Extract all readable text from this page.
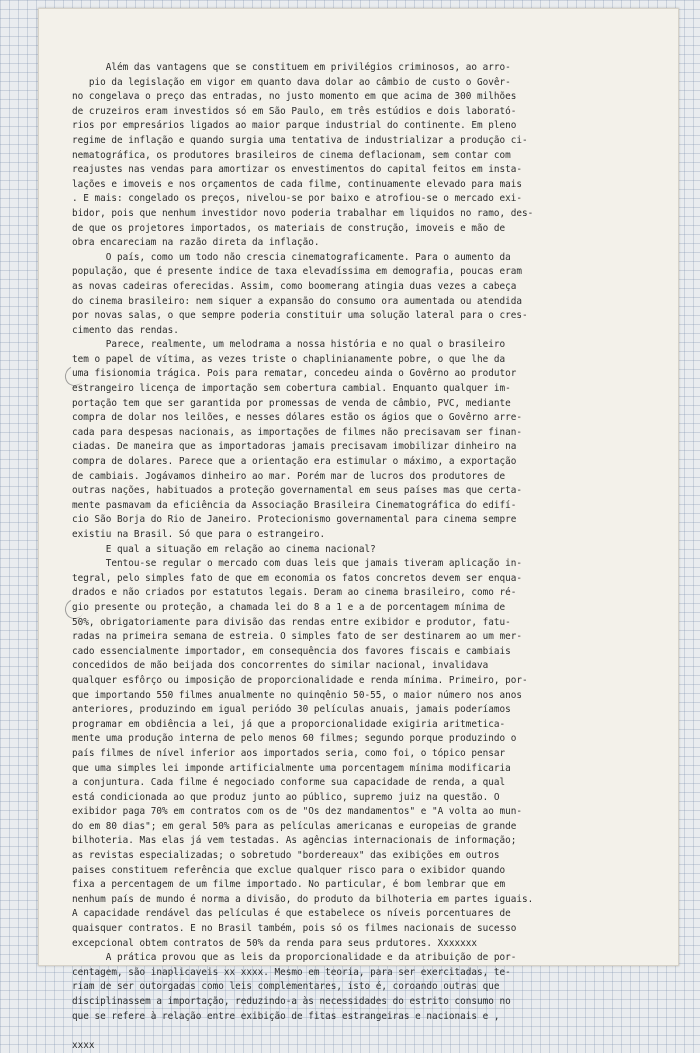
Além das vantagens que se constituem em privilégios criminosos, ao arro-
pio da legislação em vigor em quanto dava dolar ao câmbio de custo o Govêr-
no congelava o preço das entradas, no justo momento em que acima de 300 milhões
de cruzeiros eram investidos só em São Paulo, em três estúdios e dois laborató-
rios por empresários ligados ao maior parque industrial do continente. Em pleno
regime de inflação e quando surgia uma tentativa de industrializar a produção ci-
nematográfica, os produtores brasileiros de cinema deflacionam, sem contar com
reajustes nas vendas para amortizar os envestimentos do capital feitos em insta-
lações e imoveis e nos orçamentos de cada filme, continuamente elevado para mais
. E mais: congelado os preços, nivelou-se por baixo e atrofiou-se o mercado exi-
bidor, pois que nenhum investidor novo poderia trabalhar em liquidos no ramo, des-
de que os projetores importados, os materiais de construção, imoveis e mão de
obra encareciam na razão direta da inflação.
O país, como um todo não crescia cinematograficamente. Para o aumento da
população, que é presente indice de taxa elevadíssima em demografia, poucas eram
as novas cadeiras oferecidas. Assim, como boomerang atingia duas vezes a cabeça
do cinema brasileiro: nem siquer a expansão do consumo ora aumentada ou atendida
por novas salas, o que sempre poderia constituir uma solução lateral para o cres-
cimento das rendas.
Parece, realmente, um melodrama a nossa história e no qual o brasileiro
tem o papel de vítima, as vezes triste o chaplinianamente pobre, o que lhe da
uma fisionomia trágica. Pois para rematar, concedeu ainda o Govêrno ao produtor
estrangeiro licença de importação sem cobertura cambial. Enquanto qualquer im-
portação tem que ser garantida por promessas de venda de câmbio, PVC, mediante
compra de dolar nos leilões, e nesses dólares estão os ágios que o Govêrno arre-
cada para despesas nacionais, as importações de filmes não precisavam ser finan-
ciadas. De maneira que as importadoras jamais precisavam imobilizar dinheiro na
compra de dolares. Parece que a orientação era estimular o máximo, a exportação
de cambiais. Jogávamos dinheiro ao mar. Porém mar de lucros dos produtores de
outras nações, habituados a proteção governamental em seus países mas que certa-
mente pasmavam da eficiência da Associação Brasileira Cinematográfica do edifí-
cio São Borja do Rio de Janeiro. Protecionismo governamental para cinema sempre
existiu na Brasil. Só que para o estrangeiro.
E qual a situação em relação ao cinema nacional?
Tentou-se regular o mercado com duas leis que jamais tiveram aplicação in-
tegral, pelo simples fato de que em economia os fatos concretos devem ser enqua-
drados e não criados por estatutos legais. Deram ao cinema brasileiro, como ré-
gio presente ou proteção, a chamada lei do 8 a 1 e a de porcentagem mínima de
50%, obrigatoriamente para divisão das rendas entre exibidor e produtor, fatu-
radas na primeira semana de estreia. O simples fato de ser destinarem ao um mer-
cado essencialmente importador, em consequência dos favores fiscais e cambiais
concedidos de mão beijada dos concorrentes do similar nacional, invalidava
qualquer esfôrço ou imposição de proporcionalidade e renda mínima. Primeiro, por-
que importando 550 filmes anualmente no quinqênio 50-55, o maior número nos anos
anteriores, produzindo em igual periódo 30 películas anuais, jamais poderíamos
programar em obdiência a lei, já que a proporcionalidade exigiria aritmetica-
mente uma produção interna de pelo menos 60 filmes; segundo porque produzindo o
país filmes de nível inferior aos importados seria, como foi, o tópico pensar
que uma simples lei imponde artificialmente uma porcentagem mínima modificaria
a conjuntura. Cada filme é negociado conforme sua capacidade de renda, a qual
está condicionada ao que produz junto ao público, supremo juiz na questão. O
exibidor paga 70% em contratos com os de "Os dez mandamentos" e "A volta ao mun-
do em 80 dias"; em geral 50% para as películas americanas e europeias de grande
bilhoteria. Mas elas já vem testadas. As agências internacionais de informação;
as revistas especializadas; o sobretudo "bordereaux" das exibições em outros
paises constituem referência que exclue qualquer risco para o exibidor quando
fixa a percentagem de um filme importado. No particular, é bom lembrar que em
nenhum país de mundo é norma a divisão, do produto da bilhoteria em partes iguais.
A capacidade rendável das películas é que estabelece os níveis porcentuares de
quaisquer contratos. E no Brasil também, pois só os filmes nacionais de sucesso
excepcional obtem contratos de 50% da renda para seus prdutores. Xxxxxxx
A prática provou que as leis da proporcionalidade e da atribuição de por-
centagem, são inaplicaveis xx xxxx. Mesmo em teoria, para ser exercitadas, te-
riam de ser outorgadas como leis complementares, isto é, coroando outras que
disciplinassem a importação, reduzindo-a às necessidades do estrito consumo no
que se refere à relação entre exibição de fitas estrangeiras e nacionais e ,
xxxx
